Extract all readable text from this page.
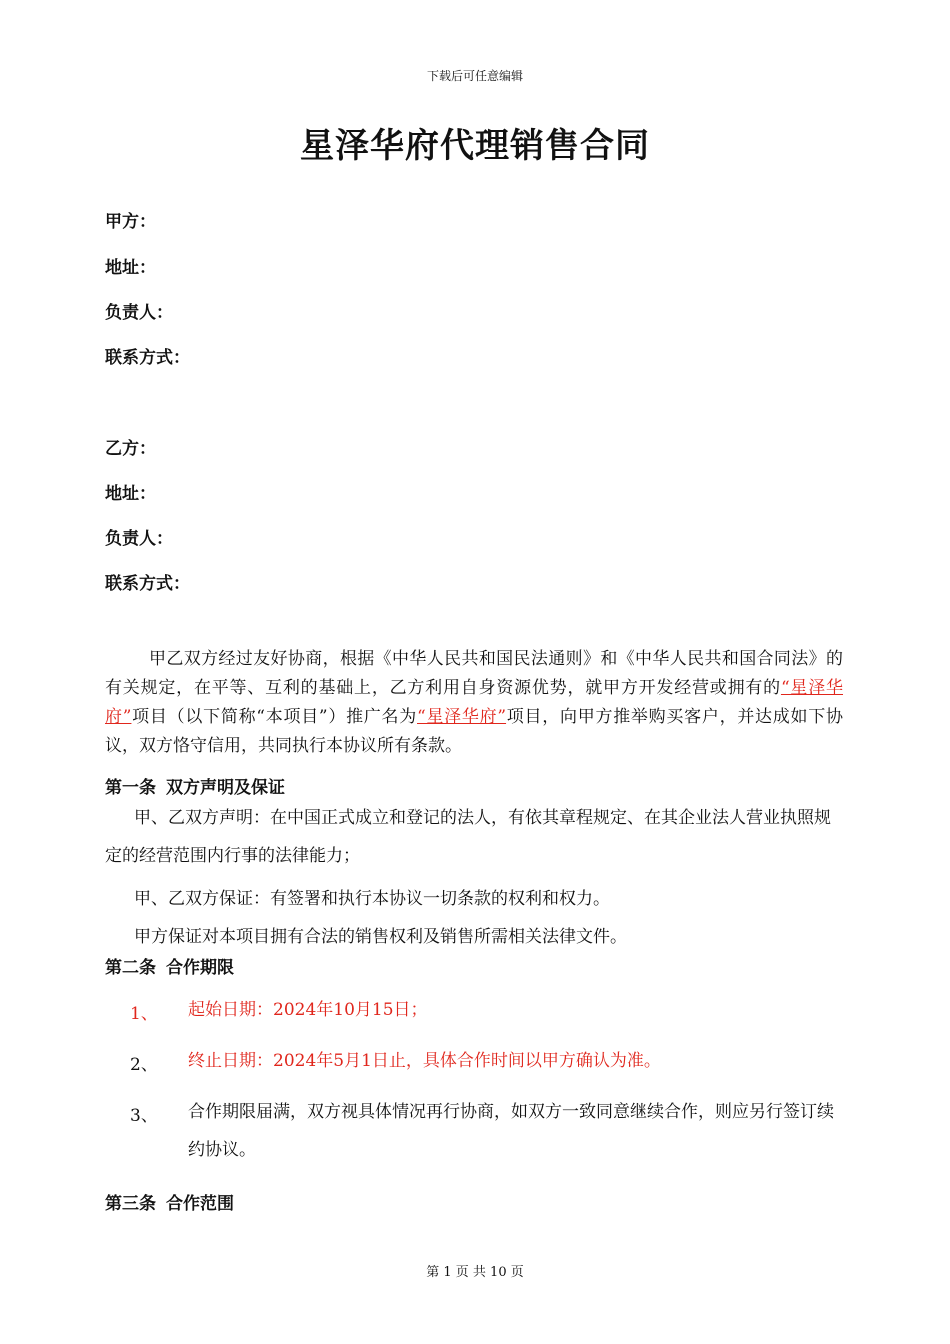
下载后可任意编辑
星泽华府代理销售合同
甲方：
地址：
负责人：
联系方式：
乙方：
地址：
负责人：
联系方式：
甲乙双方经过友好协商，根据《中华人民共和国民法通则》和《中华人民共和国合同法》的有关规定，在平等、互利的基础上，乙方利用自身资源优势，就甲方开发经营或拥有的“星泽华府”项目（以下简称“本项目”）推广名为“星泽华府”项目，向甲方推举购买客户，并达成如下协议，双方恪守信用，共同执行本协议所有条款。
第一条 双方声明及保证
甲、乙双方声明：在中国正式成立和登记的法人，有依其章程规定、在其企业法人营业执照规定的经营范围内行事的法律能力；
甲、乙双方保证：有签署和执行本协议一切条款的权利和权力。
甲方保证对本项目拥有合法的销售权利及销售所需相关法律文件。
第二条 合作期限
1、 起始日期：2024年10月15日；
2、 终止日期：2024年5月1日止，具体合作时间以甲方确认为准。
3、 合作期限届满，双方视具体情况再行协商，如双方一致同意继续合作，则应另行签订续约协议。
第三条 合作范围
第 1 页 共 10 页
